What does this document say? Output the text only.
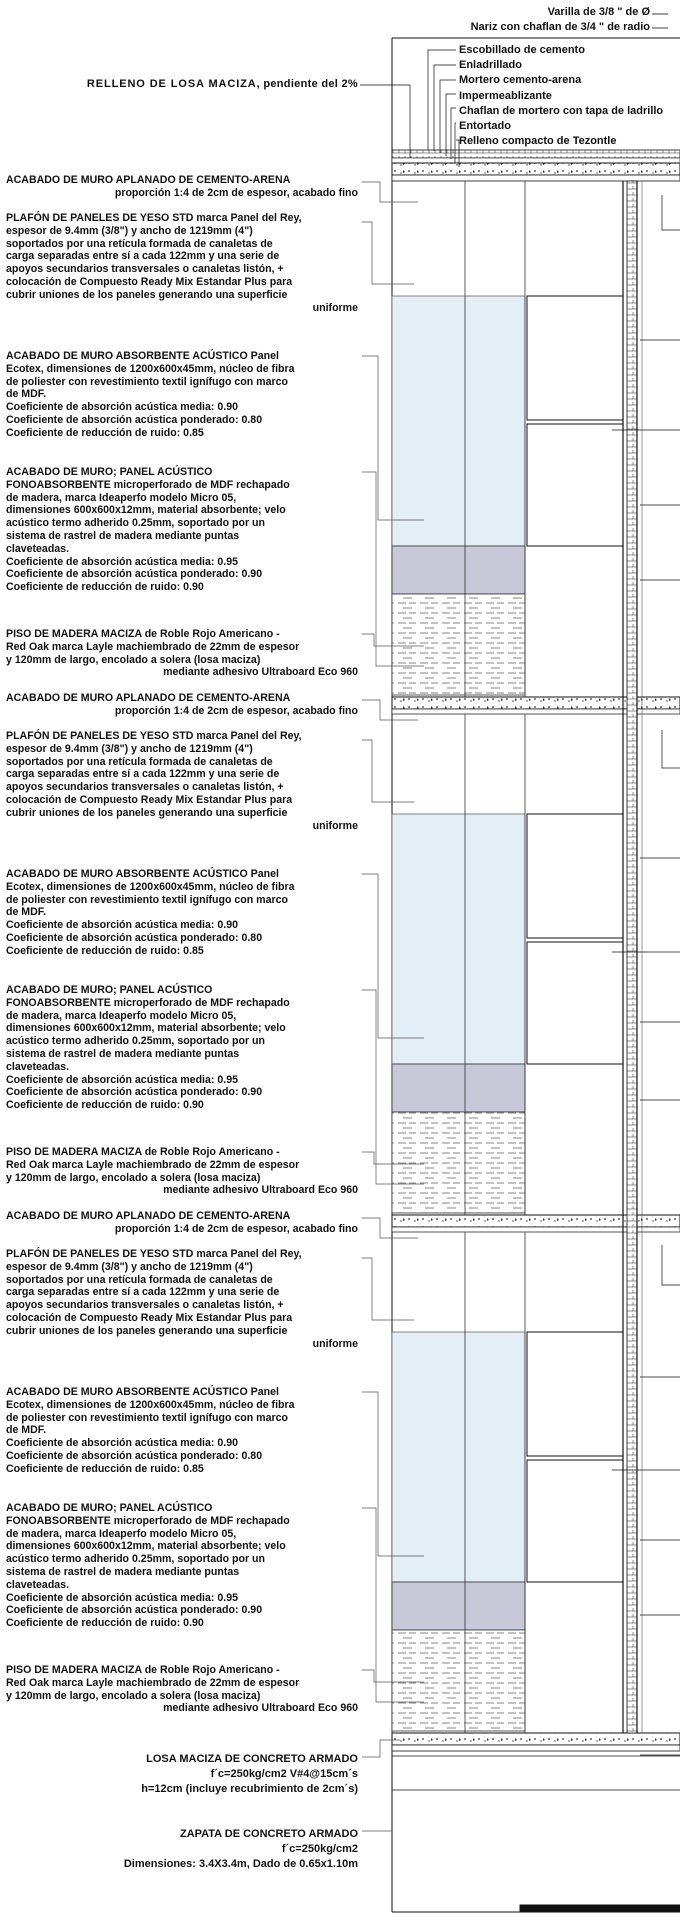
Varilla de 3/8 " de Ø
Nariz con chaflan de 3/4 " de radio
Escobillado de cemento
Enladrillado
Mortero cemento-arena
Impermeablizante
Chaflan de mortero con tapa de ladrillo
Entortado
Relleno compacto de Tezontle
RELLENO DE LOSA MACIZA, pendiente del 2%
ACABADO DE MURO APLANADO DE CEMENTO-ARENA
proporción 1:4 de 2cm de espesor, acabado fino
PLAFÓN DE PANELES DE YESO STD marca Panel del Rey,
espesor de 9.4mm (3/8") y ancho de 1219mm (4")
soportados por una retícula formada de canaletas de
carga separadas entre sí a cada 122mm y una serie de
apoyos secundarios transversales o canaletas listón, +
colocación de Compuesto Ready Mix Estandar Plus para
cubrir uniones de los paneles generando una superficie
uniforme
ACABADO DE MURO ABSORBENTE ACÚSTICO Panel
Ecotex, dimensiones de 1200x600x45mm, núcleo de fibra
de poliester con revestimiento textil ignífugo con marco
de MDF.
Coeficiente de absorción acústica media: 0.90
Coeficiente de absorción acústica ponderado: 0.80
Coeficiente de reducción de ruido: 0.85
ACABADO DE MURO; PANEL ACÚSTICO
FONOABSORBENTE microperforado de MDF rechapado
de madera, marca Ideaperfo modelo Micro 05,
dimensiones 600x600x12mm, material absorbente; velo
acústico termo adherido 0.25mm, soportado por un
sistema de rastrel de madera mediante puntas
claveteadas.
Coeficiente de absorción acústica media: 0.95
Coeficiente de absorción acústica ponderado: 0.90
Coeficiente de reducción de ruido: 0.90
PISO DE MADERA MACIZA de Roble Rojo Americano -
Red Oak marca Layle machiembrado de 22mm de espesor
y 120mm de largo, encolado a solera (losa maciza)
mediante adhesivo Ultraboard Eco 960
ACABADO DE MURO APLANADO DE CEMENTO-ARENA
proporción 1:4 de 2cm de espesor, acabado fino
PLAFÓN DE PANELES DE YESO STD marca Panel del Rey,
espesor de 9.4mm (3/8") y ancho de 1219mm (4")
soportados por una retícula formada de canaletas de
carga separadas entre sí a cada 122mm y una serie de
apoyos secundarios transversales o canaletas listón, +
colocación de Compuesto Ready Mix Estandar Plus para
cubrir uniones de los paneles generando una superficie
uniforme
ACABADO DE MURO ABSORBENTE ACÚSTICO Panel
Ecotex, dimensiones de 1200x600x45mm, núcleo de fibra
de poliester con revestimiento textil ignífugo con marco
de MDF.
Coeficiente de absorción acústica media: 0.90
Coeficiente de absorción acústica ponderado: 0.80
Coeficiente de reducción de ruido: 0.85
ACABADO DE MURO; PANEL ACÚSTICO
FONOABSORBENTE microperforado de MDF rechapado
de madera, marca Ideaperfo modelo Micro 05,
dimensiones 600x600x12mm, material absorbente; velo
acústico termo adherido 0.25mm, soportado por un
sistema de rastrel de madera mediante puntas
claveteadas.
Coeficiente de absorción acústica media: 0.95
Coeficiente de absorción acústica ponderado: 0.90
Coeficiente de reducción de ruido: 0.90
PISO DE MADERA MACIZA de Roble Rojo Americano -
Red Oak marca Layle machiembrado de 22mm de espesor
y 120mm de largo, encolado a solera (losa maciza)
mediante adhesivo Ultraboard Eco 960
ACABADO DE MURO APLANADO DE CEMENTO-ARENA
proporción 1:4 de 2cm de espesor, acabado fino
PLAFÓN DE PANELES DE YESO STD marca Panel del Rey,
espesor de 9.4mm (3/8") y ancho de 1219mm (4")
soportados por una retícula formada de canaletas de
carga separadas entre sí a cada 122mm y una serie de
apoyos secundarios transversales o canaletas listón, +
colocación de Compuesto Ready Mix Estandar Plus para
cubrir uniones de los paneles generando una superficie
uniforme
ACABADO DE MURO ABSORBENTE ACÚSTICO Panel
Ecotex, dimensiones de 1200x600x45mm, núcleo de fibra
de poliester con revestimiento textil ignífugo con marco
de MDF.
Coeficiente de absorción acústica media: 0.90
Coeficiente de absorción acústica ponderado: 0.80
Coeficiente de reducción de ruido: 0.85
ACABADO DE MURO; PANEL ACÚSTICO
FONOABSORBENTE microperforado de MDF rechapado
de madera, marca Ideaperfo modelo Micro 05,
dimensiones 600x600x12mm, material absorbente; velo
acústico termo adherido 0.25mm, soportado por un
sistema de rastrel de madera mediante puntas
claveteadas.
Coeficiente de absorción acústica media: 0.95
Coeficiente de absorción acústica ponderado: 0.90
Coeficiente de reducción de ruido: 0.90
PISO DE MADERA MACIZA de Roble Rojo Americano -
Red Oak marca Layle machiembrado de 22mm de espesor
y 120mm de largo, encolado a solera (losa maciza)
mediante adhesivo Ultraboard Eco 960
LOSA MACIZA DE CONCRETO ARMADO
f´c=250kg/cm2 V#4@15cm´s
h=12cm (incluye recubrimiento de 2cm´s)
ZAPATA DE CONCRETO ARMADO
f´c=250kg/cm2
Dimensiones: 3.4X3.4m, Dado de 0.65x1.10m
